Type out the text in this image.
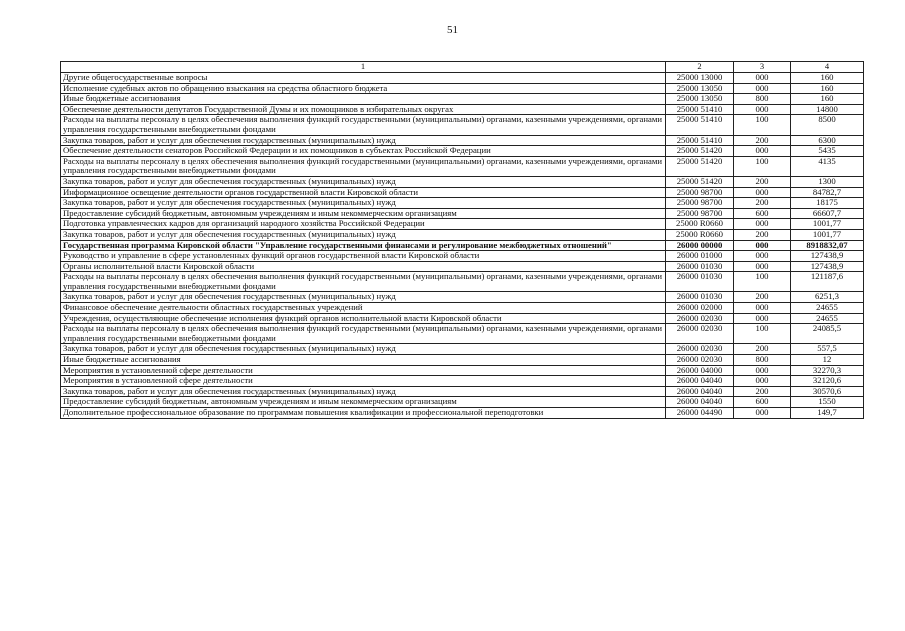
51
1	2	3	4
Другие общегосударственные вопросы	25000 13000	000	160
Исполнение судебных актов по обращению взыскания на средства областного бюджета	25000 13050	000	160
Иные бюджетные ассигнования	25000 13050	800	160
Обеспечение деятельности депутатов Государственной Думы и их помощников в избирательных округах	25000 51410	000	14800
Расходы на выплаты персоналу в целях обеспечения выполнения функций государственными (муниципальными) органами, казенными учреждениями, органами управления государственными внебюджетными фондами	25000 51410	100	8500
Закупка товаров, работ и услуг для обеспечения государственных (муниципальных) нужд	25000 51410	200	6300
Обеспечение деятельности сенаторов Российской Федерации и их помощников в субъектах Российской Федерации	25000 51420	000	5435
Расходы на выплаты персоналу в целях обеспечения выполнения функций государственными (муниципальными) органами, казенными учреждениями, органами управления государственными внебюджетными фондами	25000 51420	100	4135
Закупка товаров, работ и услуг для обеспечения государственных (муниципальных) нужд	25000 51420	200	1300
Информационное освещение деятельности органов государственной власти Кировской области	25000 98700	000	84782,7
Закупка товаров, работ и услуг для обеспечения государственных (муниципальных) нужд	25000 98700	200	18175
Предоставление субсидий бюджетным, автономным учреждениям и иным некоммерческим организациям	25000 98700	600	66607,7
Подготовка управленческих кадров для организаций народного хозяйства Российской Федерации	25000 R0660	000	1001,77
Закупка товаров, работ и услуг для обеспечения государственных (муниципальных) нужд	25000 R0660	200	1001,77
Государственная программа Кировской области "Управление государственными финансами и регулирование межбюджетных отношений"	26000 00000	000	8918832,07
Руководство и управление в сфере установленных функций органов государственной власти Кировской области	26000 01000	000	127438,9
Органы исполнительной власти Кировской области	26000 01030	000	127438,9
Расходы на выплаты персоналу в целях обеспечения выполнения функций государственными (муниципальными) органами, казенными учреждениями, органами управления государственными внебюджетными фондами	26000 01030	100	121187,6
Закупка товаров, работ и услуг для обеспечения государственных (муниципальных) нужд	26000 01030	200	6251,3
Финансовое обеспечение деятельности областных государственных учреждений	26000 02000	000	24655
Учреждения, осуществляющие обеспечение исполнения функций органов исполнительной власти Кировской области	26000 02030	000	24655
Расходы на выплаты персоналу в целях обеспечения выполнения функций государственными (муниципальными) органами, казенными учреждениями, органами управления государственными внебюджетными фондами	26000 02030	100	24085,5
Закупка товаров, работ и услуг для обеспечения государственных (муниципальных) нужд	26000 02030	200	557,5
Иные бюджетные ассигнования	26000 02030	800	12
Мероприятия в установленной сфере деятельности	26000 04000	000	32270,3
Мероприятия в установленной сфере деятельности	26000 04040	000	32120,6
Закупка товаров, работ и услуг для обеспечения государственных (муниципальных) нужд	26000 04040	200	30570,6
Предоставление субсидий бюджетным, автономным учреждениям и иным некоммерческим организациям	26000 04040	600	1550
Дополнительное профессиональное образование по программам повышения квалификации и профессиональной переподготовки	26000 04490	000	149,7
